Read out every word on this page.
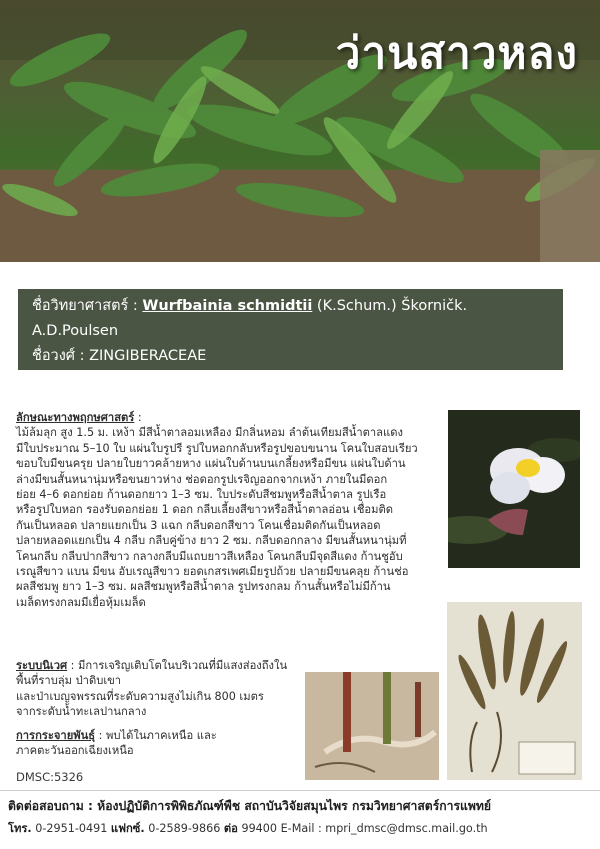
ว่านสาวหลง
ชื่อวิทยาศาสตร์ : Wurfbainia schmidtii (K.Schum.) Škorničk.
A.D.Poulsen
ชื่อวงศ์ : ZINGIBERACEAE
ชื่อสามัญ :
ลักษณะทางพฤกษศาสตร์ :
ไม้ล้มลุก สูง 1.5 ม. เหง้า มีสีน้ำตาลอมเหลือง มีกลิ่นหอม ลำต้นเทียมสีน้ำตาลแดง
มีใบประมาณ 5–10 ใบ แผ่นใบรูปรี รูปใบหอกกลับหรือรูปขอบขนาน โคนใบสอบเรียว
ขอบใบมีขนครุย ปลายใบยาวคล้ายหาง แผ่นใบด้านบนเกลี้ยงหรือมีขน แผ่นใบด้าน
ล่างมีขนสั้นหนานุ่มหรือขนยาวห่าง ช่อดอกรูปเรจิญออกจากเหง้า ภายในมีดอก
ย่อย 4–6 ดอกย่อย ก้านดอกยาว 1–3 ซม. ใบประดับสีชมพูหรือสีน้ำตาล รูปเรือ
หรือรูปใบหอก รองรับดอกย่อย 1 ดอก กลีบเลี้ยงสีขาวหรือสีน้ำตาลอ่อน เชื่อมติด
กันเป็นหลอด ปลายแยกเป็น 3 แฉก กลีบดอกสีขาว โคนเชื่อมติดกันเป็นหลอด
ปลายหลอดแยกเป็น 4 กลีบ กลีบคู่ข้าง ยาว 2 ซม. กลีบดอกกลาง มีขนสั้นหนานุ่มที่
โคนกลีบ กลีบปากสีขาว กลางกลีบมีแถบยาวสีเหลือง โคนกลีบมีจุดสีแดง ก้านชูอับ
เรณูสีขาว แบน มีขน อับเรณูสีขาว ยอดเกสรเพศเมียรูปถ้วย ปลายมีขนคลุย ก้านช่อ
ผลสีชมพู ยาว 1–3 ซม. ผลสีชมพูหรือสีน้ำตาล รูปทรงกลม ก้านสั้นหรือไม่มีก้าน
เมล็ดทรงกลมมีเยื่อหุ้มเมล็ด
ระบบนิเวศ : มีการเจริญเติบโตในบริเวณที่มีแสงส่องถึงในพื้นที่ราบลุ่ม ป่าดิบเขา
และป่าเบญจพรรณที่ระดับความสูงไม่เกิน 800 เมตร
จากระดับน้ำทะเลปานกลาง
การกระจายพันธุ์ : พบได้ในภาคเหนือ และ
ภาคตะวันออกเฉียงเหนือ
DMSC:5326
ติดต่อสอบถาม : ห้องปฏิบัติการพิพิธภัณฑ์พืช สถาบันวิจัยสมุนไพร กรมวิทยาศาสตร์การแพทย์
โทร. 0-2951-0491 แฟกซ์. 0-2589-9866 ต่อ 99400 E-Mail : mpri_dmsc@dmsc.mail.go.th
